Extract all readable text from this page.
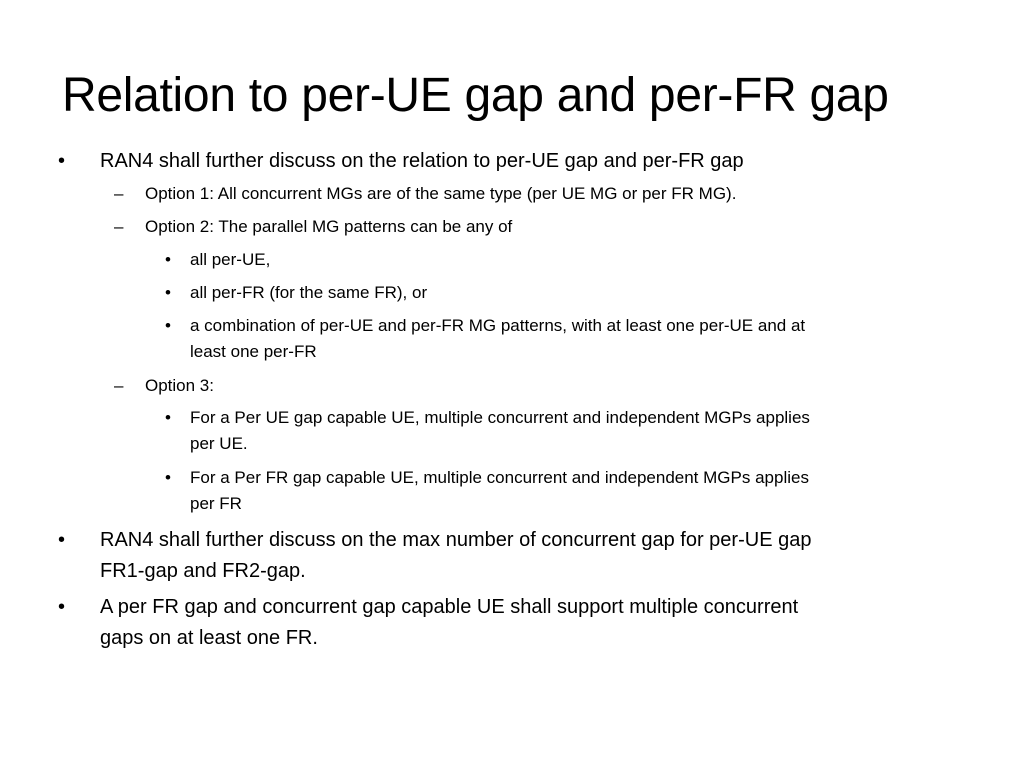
Relation to per-UE gap and per-FR gap
• RAN4 shall further discuss on the relation to per-UE gap and per-FR gap
– Option 1: All concurrent MGs are of the same type (per UE MG or per FR MG).
– Option 2: The parallel MG patterns can be any of
• all per-UE,
• all per-FR (for the same FR), or
• a combination of per-UE and per-FR MG patterns, with at least one per-UE and at
least one per-FR
– Option 3:
• For a Per UE gap capable UE, multiple concurrent and independent MGPs applies
per UE.
• For a Per FR gap capable UE, multiple concurrent and independent MGPs applies
per FR
• RAN4 shall further discuss on the max number of concurrent gap for per-UE gap
FR1-gap and FR2-gap.
• A per FR gap and concurrent gap capable UE shall support multiple concurrent
gaps on at least one FR.
